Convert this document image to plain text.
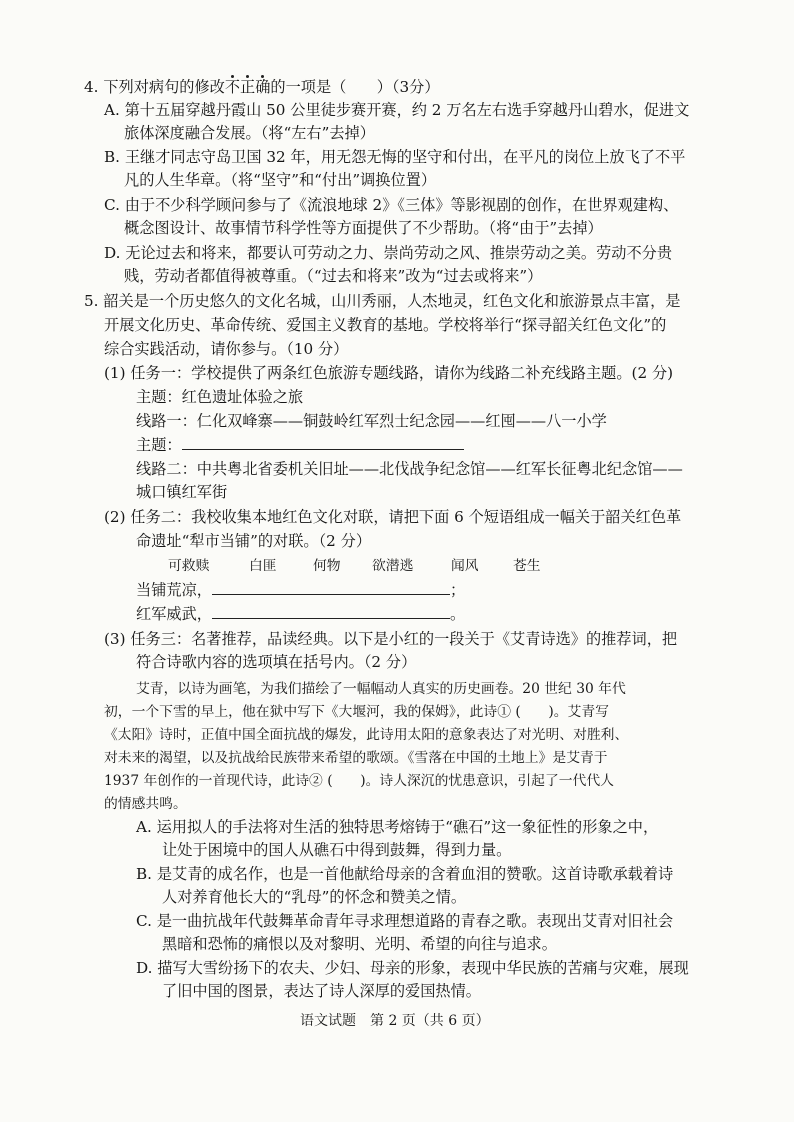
4. 下列对病句的修改不正确的一项是（　　）（3分）
A. 第十五届穿越丹霞山 50 公里徒步赛开赛，约 2 万名左右选手穿越丹山碧水，促进文
旅体深度融合发展。（将“左右”去掉）
B. 王继才同志守岛卫国 32 年，用无怨无悔的坚守和付出，在平凡的岗位上放飞了不平
凡的人生华章。（将“坚守”和“付出”调换位置）
C. 由于不少科学顾问参与了《流浪地球 2》《三体》等影视剧的创作，在世界观建构、
概念图设计、故事情节科学性等方面提供了不少帮助。（将“由于”去掉）
D. 无论过去和将来，都要认可劳动之力、崇尚劳动之风、推崇劳动之美。劳动不分贵
贱，劳动者都值得被尊重。（“过去和将来”改为“过去或将来”）
5. 韶关是一个历史悠久的文化名城，山川秀丽，人杰地灵，红色文化和旅游景点丰富，是
开展文化历史、革命传统、爱国主义教育的基地。学校将举行“探寻韶关红色文化”的
综合实践活动，请你参与。（10 分）
(1) 任务一：学校提供了两条红色旅游专题线路，请你为线路二补充线路主题。(2 分)
主题：红色遗址体验之旅
线路一：仁化双峰寨——铜鼓岭红军烈士纪念园——红囤——八一小学
主题：
线路二：中共粤北省委机关旧址——北伐战争纪念馆——红军长征粤北纪念馆——
城口镇红军街
(2) 任务二：我校收集本地红色文化对联，请把下面 6 个短语组成一幅关于韶关红色革
命遗址“犁市当铺”的对联。（2 分）
可救赎	白匪	何物 欲潜逃	闻风 苍生
当铺荒凉，	；
红军威武，	。
(3) 任务三：名著推荐，品读经典。以下是小红的一段关于《艾青诗选》的推荐词，把
符合诗歌内容的选项填在括号内。（2 分）
艾青，以诗为画笔，为我们描绘了一幅幅动人真实的历史画卷。20 世纪 30 年代
初，一个下雪的早上，他在狱中写下《大堰河，我的保姆》，此诗① (　　)。艾青写
《太阳》诗时，正值中国全面抗战的爆发，此诗用太阳的意象表达了对光明、对胜利、
对未来的渴望，以及抗战给民族带来希望的歌颂。《雪落在中国的土地上》是艾青于
1937 年创作的一首现代诗，此诗② (　　)。诗人深沉的忧患意识，引起了一代代人
的情感共鸣。
A. 运用拟人的手法将对生活的独特思考熔铸于“礁石”这一象征性的形象之中，
让处于困境中的国人从礁石中得到鼓舞，得到力量。
B. 是艾青的成名作，也是一首他献给母亲的含着血泪的赞歌。这首诗歌承载着诗
人对养育他长大的“乳母”的怀念和赞美之情。
C. 是一曲抗战年代鼓舞革命青年寻求理想道路的青春之歌。表现出艾青对旧社会
黑暗和恐怖的痛恨以及对黎明、光明、希望的向往与追求。
D. 描写大雪纷扬下的农夫、少妇、母亲的形象，表现中华民族的苦痛与灾难，展现
了旧中国的图景，表达了诗人深厚的爱国热情。
语文试题　第 2 页（共 6 页）
